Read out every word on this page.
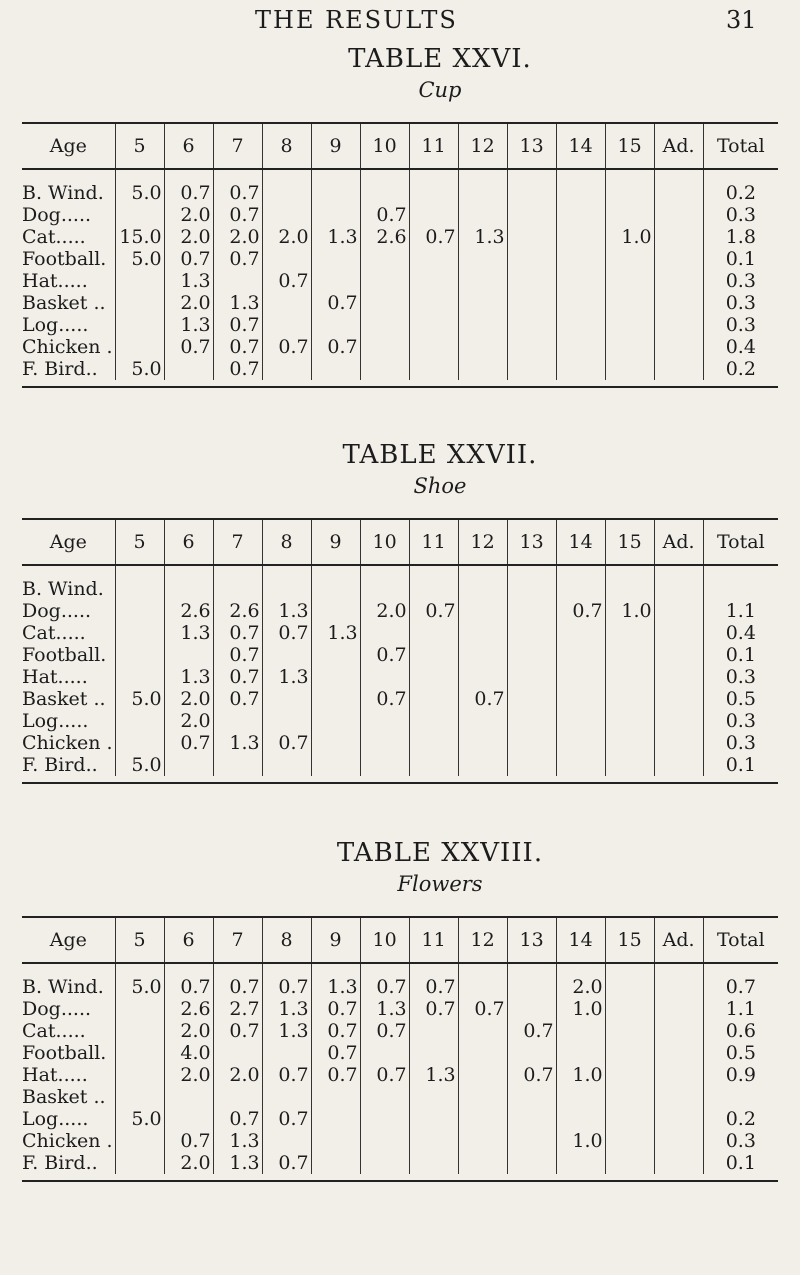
THE RESULTS	31
TABLE XXVI.
Cup
Age	5	6	7	8	9	10	11	12	13	14	15	Ad.	Total
B. Wind.	5.0	0.7	0.7										0.2
Dog.....		2.0	0.7			0.7							0.3
Cat.....	15.0	2.0	2.0	2.0	1.3	2.6	0.7	1.3			1.0		1.8
Football.	5.0	0.7	0.7										0.1
Hat.....		1.3		0.7									0.3
Basket ..		2.0	1.3		0.7								0.3
Log.....		1.3	0.7										0.3
Chicken .		0.7	0.7	0.7	0.7								0.4
F. Bird..	5.0		0.7										0.2

TABLE XXVII.
Shoe
Age	5	6	7	8	9	10	11	12	13	14	15	Ad.	Total
B. Wind.													
Dog.....		2.6	2.6	1.3		2.0	0.7			0.7	1.0		1.1
Cat.....		1.3	0.7	0.7	1.3								0.4
Football.			0.7			0.7							0.1
Hat.....		1.3	0.7	1.3									0.3
Basket ..	5.0	2.0	0.7			0.7		0.7					0.5
Log.....		2.0											0.3
Chicken .		0.7	1.3	0.7									0.3
F. Bird..	5.0												0.1

TABLE XXVIII.
Flowers
Age	5	6	7	8	9	10	11	12	13	14	15	Ad.	Total
B. Wind.	5.0	0.7	0.7	0.7	1.3	0.7	0.7			2.0			0.7
Dog.....		2.6	2.7	1.3	0.7	1.3	0.7	0.7		1.0			1.1
Cat.....		2.0	0.7	1.3	0.7	0.7			0.7				0.6
Football.		4.0			0.7								0.5
Hat.....		2.0	2.0	0.7	0.7	0.7	1.3		0.7	1.0			0.9
Basket ..													
Log.....	5.0		0.7	0.7									0.2
Chicken .		0.7	1.3							1.0			0.3
F. Bird..		2.0	1.3	0.7									0.1
